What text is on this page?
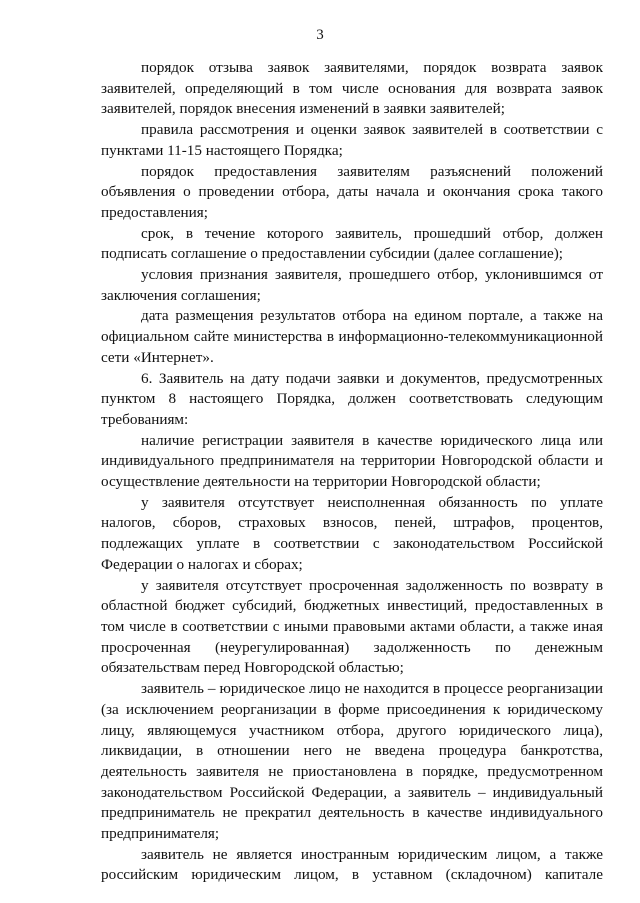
3

порядок отзыва заявок заявителями, порядок возврата заявок заявителей, определяющий в том числе основания для возврата заявок заявителей, порядок внесения изменений в заявки заявителей;

правила рассмотрения и оценки заявок заявителей в соответствии с пунктами 11-15 настоящего Порядка;

порядок предоставления заявителям разъяснений положений объявления о проведении отбора, даты начала и окончания срока такого предоставления;

срок, в течение которого заявитель, прошедший отбор, должен подписать соглашение о предоставлении субсидии (далее соглашение);

условия признания заявителя, прошедшего отбор, уклонившимся от заключения соглашения;

дата размещения результатов отбора на едином портале, а также на официальном сайте министерства в информационно-телекоммуникационной сети «Интернет».

6. Заявитель на дату подачи заявки и документов, предусмотренных пунктом 8 настоящего Порядка, должен соответствовать следующим требованиям:

наличие регистрации заявителя в качестве юридического лица или индивидуального предпринимателя на территории Новгородской области и осуществление деятельности на территории Новгородской области;

у заявителя отсутствует неисполненная обязанность по уплате налогов, сборов, страховых взносов, пеней, штрафов, процентов, подлежащих уплате в соответствии с законодательством Российской Федерации о налогах и сборах;

у заявителя отсутствует просроченная задолженность по возврату в областной бюджет субсидий, бюджетных инвестиций, предоставленных в том числе в соответствии с иными правовыми актами области, а также иная просроченная (неурегулированная) задолженность по денежным обязательствам перед Новгородской областью;

заявитель – юридическое лицо не находится в процессе реорганизации (за исключением реорганизации в форме присоединения к юридическому лицу, являющемуся участником отбора, другого юридического лица), ликвидации, в отношении него не введена процедура банкротства, деятельность заявителя не приостановлена в порядке, предусмотренном законодательством Российской Федерации, а заявитель – индивидуальный предприниматель не прекратил деятельность в качестве индивидуального предпринимателя;

заявитель не является иностранным юридическим лицом, а также российским юридическим лицом, в уставном (складочном) капитале
